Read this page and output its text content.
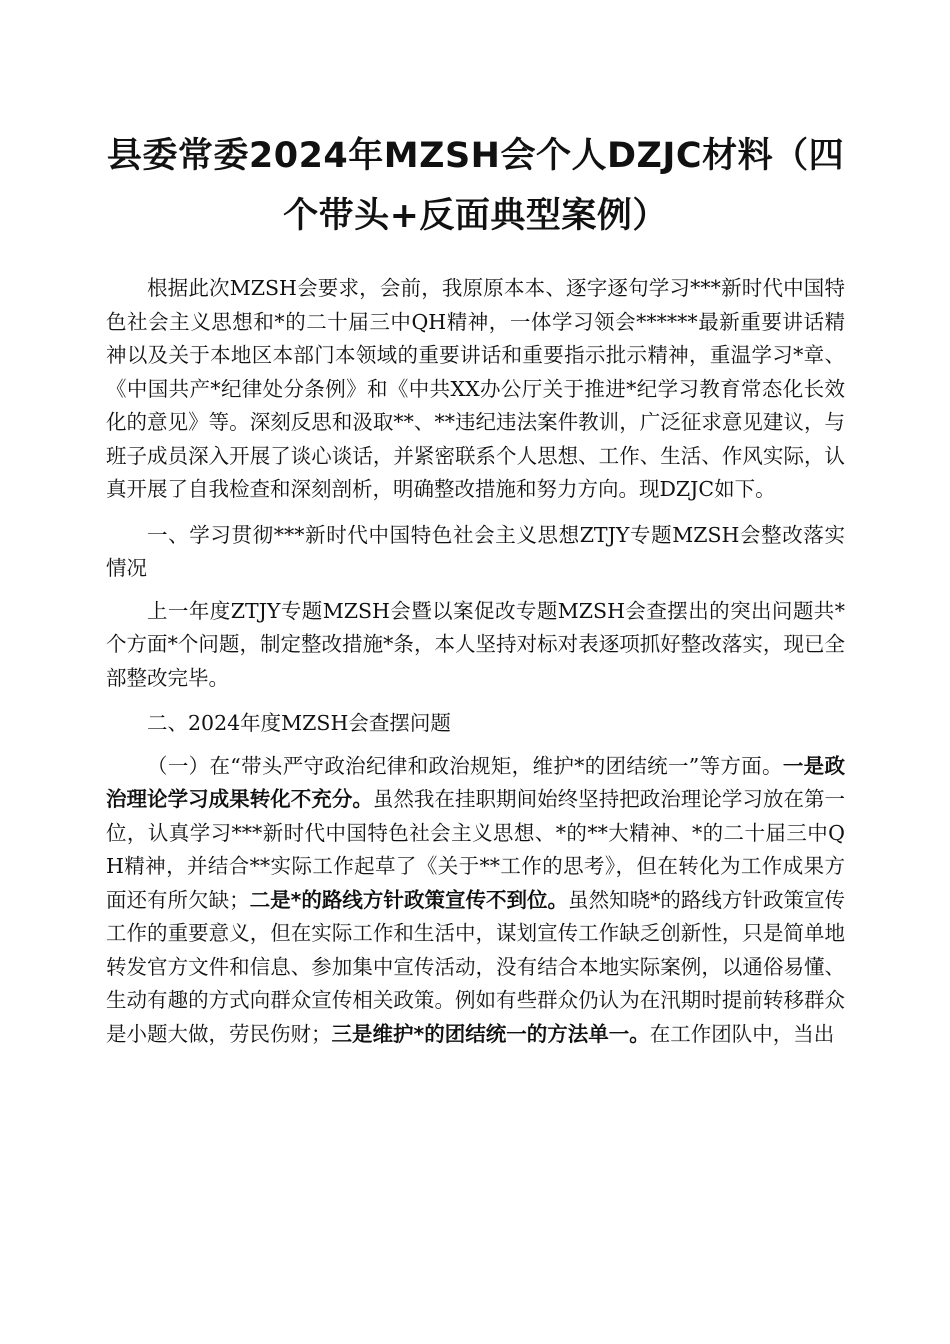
县委常委2024年MZSH会个人DZJC材料（四个带头+反面典型案例）

根据此次MZSH会要求，会前，我原原本本、逐字逐句学习***新时代中国特色社会主义思想和*的二十届三中QH精神，一体学习领会******最新重要讲话精神以及关于本地区本部门本领域的重要讲话和重要指示批示精神，重温学习*章、《中国共产*纪律处分条例》和《中共XX办公厅关于推进*纪学习教育常态化长效化的意见》等。深刻反思和汲取**、**违纪违法案件教训，广泛征求意见建议，与班子成员深入开展了谈心谈话，并紧密联系个人思想、工作、生活、作风实际，认真开展了自我检查和深刻剖析，明确整改措施和努力方向。现DZJC如下。

一、学习贯彻***新时代中国特色社会主义思想ZTJY专题MZSH会整改落实情况

上一年度ZTJY专题MZSH会暨以案促改专题MZSH会查摆出的突出问题共*个方面*个问题，制定整改措施*条，本人坚持对标对表逐项抓好整改落实，现已全部整改完毕。

二、2024年度MZSH会查摆问题

（一）在“带头严守政治纪律和政治规矩，维护*的团结统一”等方面。一是政治理论学习成果转化不充分。虽然我在挂职期间始终坚持把政治理论学习放在第一位，认真学习***新时代中国特色社会主义思想、*的**大精神、*的二十届三中QH精神，并结合**实际工作起草了《关于**工作的思考》，但在转化为工作成果方面还有所欠缺；二是*的路线方针政策宣传不到位。虽然知晓*的路线方针政策宣传工作的重要意义，但在实际工作和生活中，谋划宣传工作缺乏创新性，只是简单地转发官方文件和信息、参加集中宣传活动，没有结合本地实际案例，以通俗易懂、生动有趣的方式向群众宣传相关政策。例如有些群众仍认为在汛期时提前转移群众是小题大做，劳民伤财；三是维护*的团结统一的方法单一。在工作团队中，当出
